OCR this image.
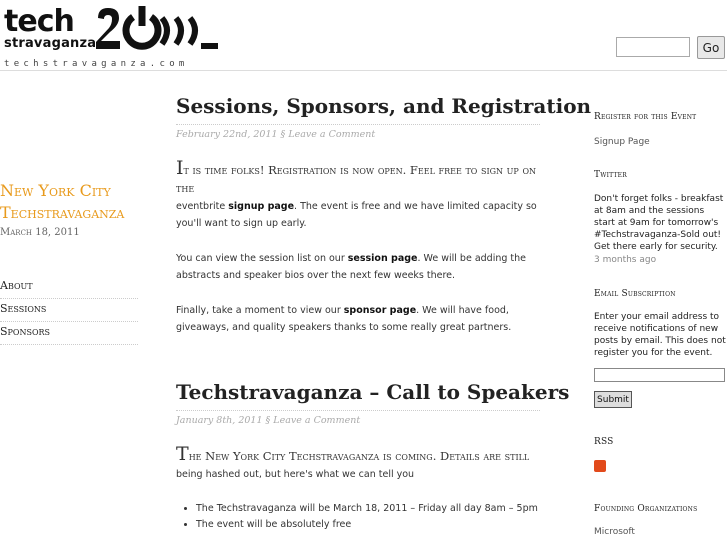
tech
stravaganza
techstravaganza.com
Go
New York City Techstravaganza
March 18, 2011
About
Sessions
Sponsors
Sessions, Sponsors, and Registration
February 22nd, 2011 § Leave a Comment

It is time folks! Registration is now open. Feel free to sign up on the
eventbrite signup page. The event is free and we have limited capacity so you'll want to sign up early.

You can view the session list on our session page. We will be adding the abstracts and speaker bios over the next few weeks there.

Finally, take a moment to view our sponsor page. We will have food, giveaways, and quality speakers thanks to some really great partners.

Techstravaganza – Call to Speakers
January 8th, 2011 § Leave a Comment

The New York City Techstravaganza is coming. Details are still
being hashed out, but here's what we can tell you

• The Techstravaganza will be March 18, 2011 – Friday all day 8am – 5pm
• The event will be absolutely free
Register for this Event
Signup Page
Twitter
Don't forget folks - breakfast at 8am and the sessions start at 9am for tomorrow's #Techstravaganza-Sold out! Get there early for security.
3 months ago
Email Subscription
Enter your email address to receive notifications of new posts by email. This does not register you for the event.
Submit
RSS
Founding Organizations
Microsoft
